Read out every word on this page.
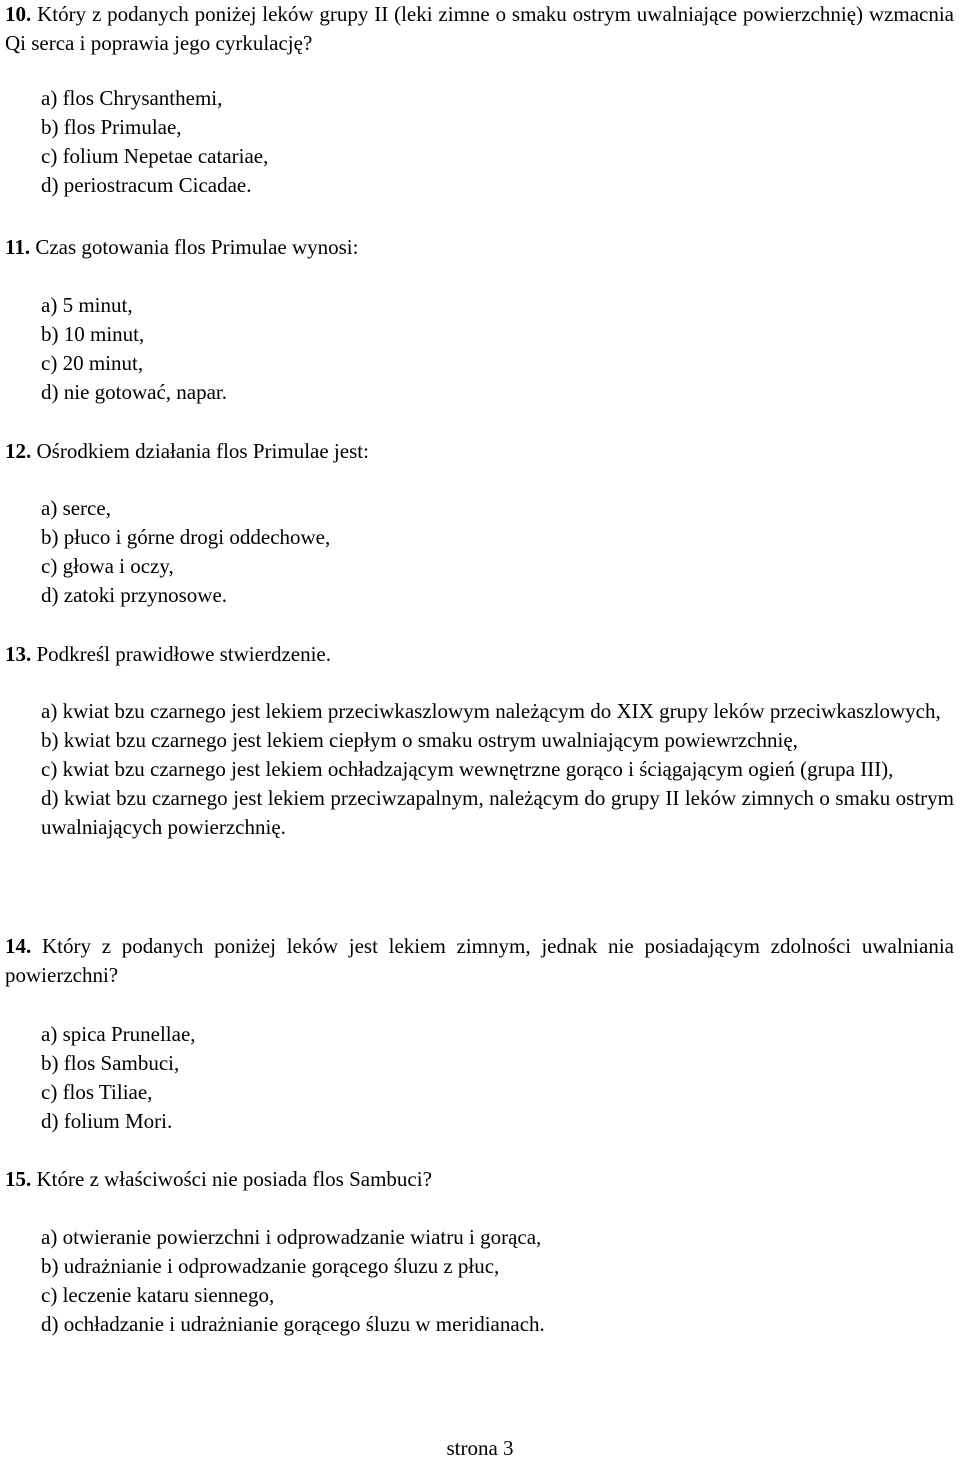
10. Który z podanych poniżej leków grupy II (leki zimne o smaku ostrym uwalniające powierzchnię) wzmacnia Qi serca i poprawia jego cyrkulację?
a) flos Chrysanthemi,
b) flos Primulae,
c) folium Nepetae catariae,
d) periostracum Cicadae.
11. Czas gotowania flos Primulae wynosi:
a) 5 minut,
b) 10 minut,
c) 20 minut,
d) nie gotować, napar.
12. Ośrodkiem działania flos Primulae jest:
a) serce,
b) płuco i górne drogi oddechowe,
c) głowa i oczy,
d) zatoki przynosowe.
13. Podkreśl prawidłowe stwierdzenie.
a) kwiat bzu czarnego jest lekiem przeciwkaszlowym należącym do XIX grupy leków przeciwkaszlowych,
b) kwiat bzu czarnego jest lekiem ciepłym o smaku ostrym uwalniającym powiewrzchnię,
c) kwiat bzu czarnego jest lekiem ochładzającym wewnętrzne gorąco i ściągającym ogień (grupa III),
d) kwiat bzu czarnego jest lekiem przeciwzapalnym, należącym do grupy II leków zimnych o smaku ostrym uwalniających powierzchnię.
14. Który z podanych poniżej leków jest lekiem zimnym, jednak nie posiadającym zdolności uwalniania powierzchni?
a) spica Prunellae,
b) flos Sambuci,
c) flos Tiliae,
d) folium Mori.
15. Które z właściwości nie posiada flos Sambuci?
a) otwieranie powierzchni i odprowadzanie wiatru i gorąca,
b) udrażnianie i odprowadzanie gorącego śluzu z płuc,
c) leczenie kataru siennego,
d) ochładzanie i udrażnianie gorącego śluzu w meridianach.
strona 3
